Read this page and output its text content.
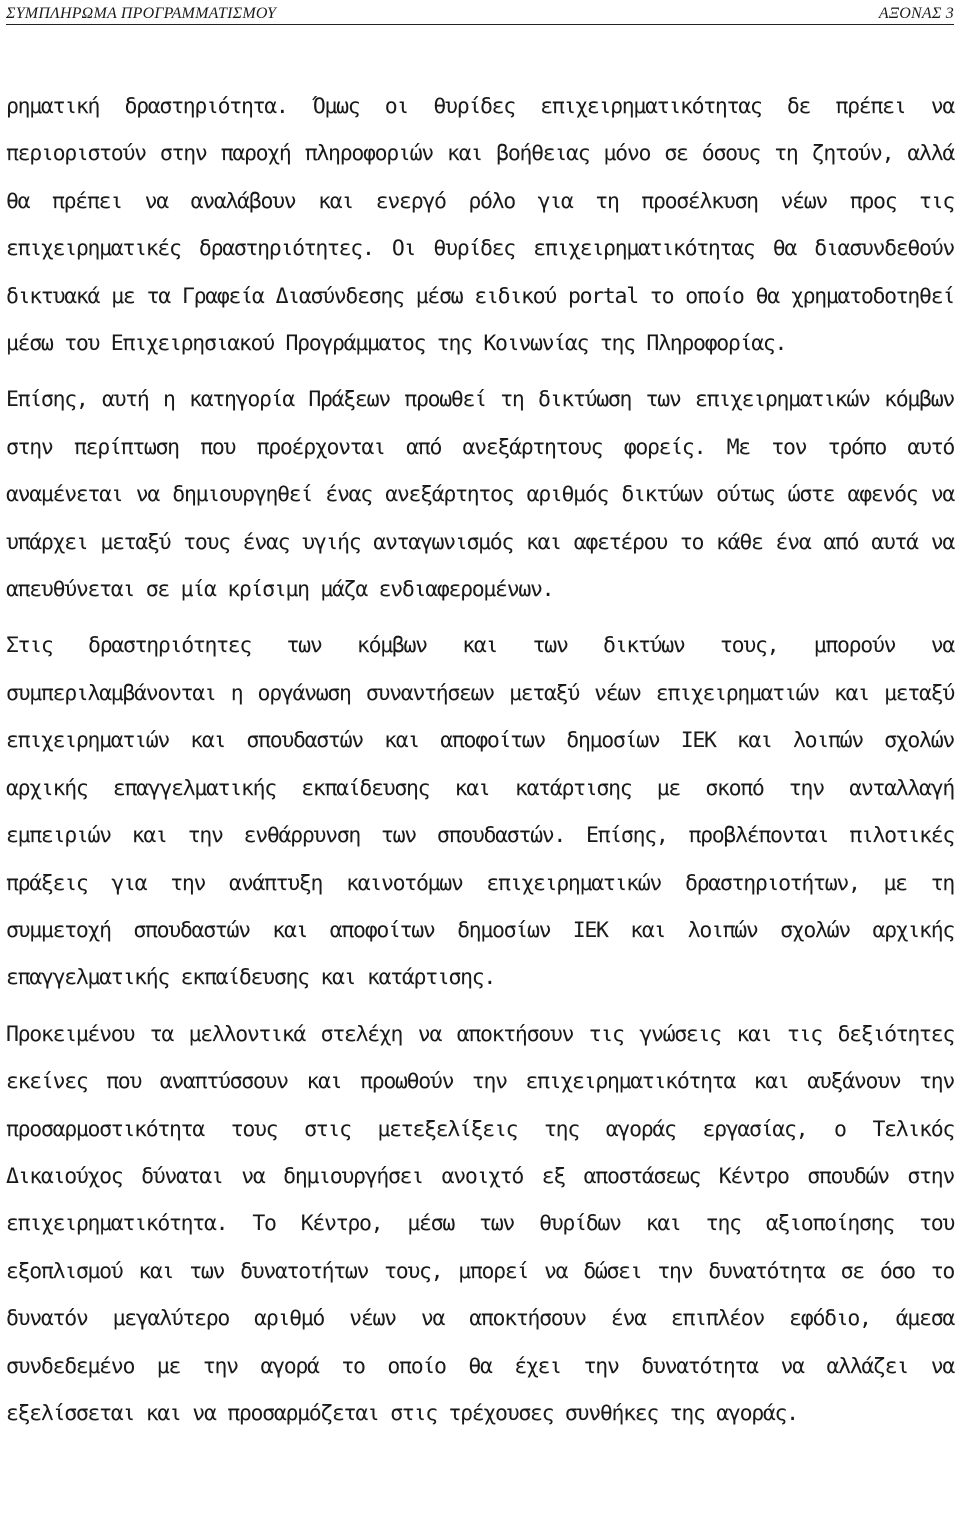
ΣΥΜΠΛΗΡΩΜΑ ΠΡΟΓΡΑΜΜΑΤΙΣΜΟΥ	ΑΞΟΝΑΣ 3

ρηματική δραστηριότητα. Όμως οι θυρίδες επιχειρηματικότητας δε πρέπει να περιοριστούν στην παροχή πληροφοριών και βοήθειας μόνο σε όσους τη ζητούν, αλλά θα πρέπει να αναλάβουν και ενεργό ρόλο για τη προσέλκυση νέων προς τις επιχειρηματικές δραστηριότητες. Οι θυρίδες επιχειρηματικότητας θα διασυνδεθούν δικτυακά με τα Γραφεία Διασύνδεσης μέσω ειδικού portal το οποίο θα χρηματοδοτηθεί μέσω του Επιχειρησιακού Προγράμματος της Κοινωνίας της Πληροφορίας.

Επίσης, αυτή η κατηγορία Πράξεων προωθεί τη δικτύωση των επιχειρηματικών κόμβων στην περίπτωση που προέρχονται από ανεξάρτητους φορείς. Με τον τρόπο αυτό αναμένεται να δημιουργηθεί ένας ανεξάρτητος αριθμός δικτύων ούτως ώστε αφενός να υπάρχει μεταξύ τους ένας υγιής ανταγωνισμός και αφετέρου το κάθε ένα από αυτά να απευθύνεται σε μία κρίσιμη μάζα ενδιαφερομένων.

Στις δραστηριότητες των κόμβων και των δικτύων τους, μπορούν να συμπεριλαμβάνονται η οργάνωση συναντήσεων μεταξύ νέων επιχειρηματιών και μεταξύ επιχειρηματιών και σπουδαστών και αποφοίτων δημοσίων ΙΕΚ και λοιπών σχολών αρχικής επαγγελματικής εκπαίδευσης και κατάρτισης με σκοπό την ανταλλαγή εμπειριών και την ενθάρρυνση των σπουδαστών. Επίσης, προβλέπονται πιλοτικές πράξεις για την ανάπτυξη καινοτόμων επιχειρηματικών δραστηριοτήτων, με τη συμμετοχή σπουδαστών και αποφοίτων δημοσίων ΙΕΚ και λοιπών σχολών αρχικής επαγγελματικής εκπαίδευσης και κατάρτισης.

Προκειμένου τα μελλοντικά στελέχη να αποκτήσουν τις γνώσεις και τις δεξιότητες εκείνες που αναπτύσσουν και προωθούν την επιχειρηματικότητα και αυξάνουν την προσαρμοστικότητα τους στις μετεξελίξεις της αγοράς εργασίας, ο Τελικός Δικαιούχος δύναται να δημιουργήσει ανοιχτό εξ αποστάσεως Κέντρο σπουδών στην επιχειρηματικότητα. Το Κέντρο, μέσω των θυρίδων και της αξιοποίησης του εξοπλισμού και των δυνατοτήτων τους, μπορεί να δώσει την δυνατότητα σε όσο το δυνατόν μεγαλύτερο αριθμό νέων να αποκτήσουν ένα επιπλέον εφόδιο, άμεσα συνδεδεμένο με την αγορά το οποίο θα έχει την δυνατότητα να αλλάζει να εξελίσσεται και να προσαρμόζεται στις τρέχουσες συνθήκες της αγοράς.
